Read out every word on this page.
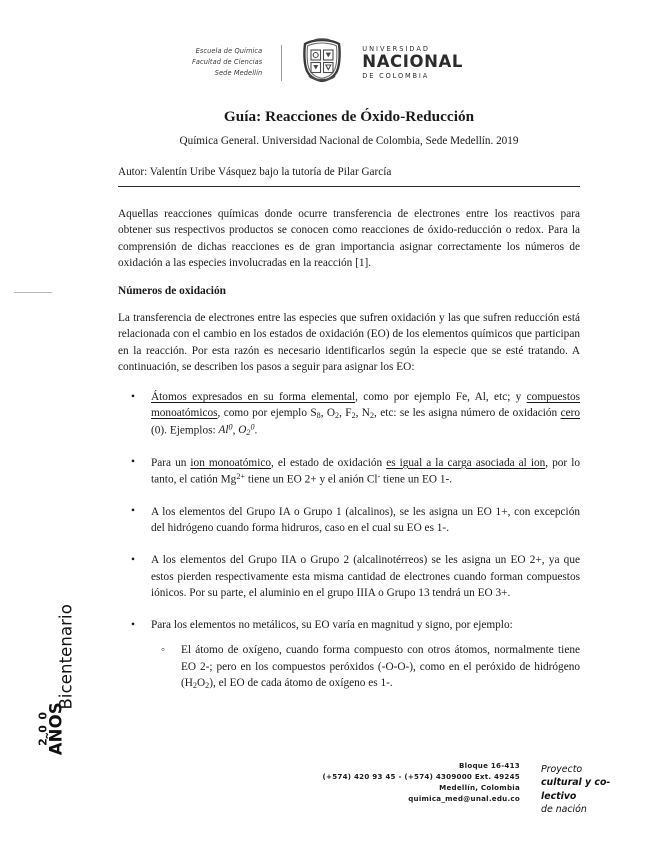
Escuela de Química
Facultad de Ciencias
Sede Medellín
UNIVERSIDAD
NACIONAL
DE COLOMBIA
Guía: Reacciones de Óxido-Reducción

Química General. Universidad Nacional de Colombia, Sede Medellín. 2019

Autor: Valentín Uribe Vásquez bajo la tutoría de Pilar García

Aquellas reacciones químicas donde ocurre transferencia de electrones entre los reactivos para obtener sus respectivos productos se conocen como reacciones de óxido-reducción o redox. Para la comprensión de dichas reacciones es de gran importancia asignar correctamente los números de oxidación a las especies involucradas en la reacción [1].

Números de oxidación

La transferencia de electrones entre las especies que sufren oxidación y las que sufren reducción está relacionada con el cambio en los estados de oxidación (EO) de los elementos químicos que participan en la reacción. Por esta razón es necesario identificarlos según la especie que se esté tratando. A continuación, se describen los pasos a seguir para asignar los EO:

• Átomos expresados en su forma elemental, como por ejemplo Fe, Al, etc; y compuestos monoatómicos, como por ejemplo $S_8$, $O_2$, $F_2$, $N_2$, etc: se les asigna número de oxidación cero (0). Ejemplos: Al$^0$, $O_2^0$.
• Para un ion monoatómico, el estado de oxidación es igual a la carga asociada al ion, por lo tanto, el catión $Mg^{2+}$ tiene un EO 2+ y el anión Cl- tiene un EO 1-.
• A los elementos del Grupo IA o Grupo 1 (alcalinos), se les asigna un EO 1+, con excepción del hidrógeno cuando forma hidruros, caso en el cual su EO es 1-.
• A los elementos del Grupo IIA o Grupo 2 (alcalinotérreos) se les asigna un EO 2+, ya que estos pierden respectivamente esta misma cantidad de electrones cuando forman compuestos iónicos. Por su parte, el aluminio en el grupo IIIA o Grupo 13 tendrá un EO 3+.
• Para los elementos no metálicos, su EO varía en magnitud y signo, por ejemplo:
◦ El átomo de oxígeno, cuando forma compuesto con otros átomos, normalmente tiene EO 2-; pero en los compuestos peróxidos (-O-O-), como en el peróxido de hidrógeno $(H_2O_2)$, el EO de cada átomo de oxígeno es 1-.
Bicentenario
200
AÑOS
Bloque 16-413
(+574) 420 93 45 - (+574) 4309000 Ext. 49245
Medellín, Colombia
quimica_med@unal.edu.co
Proyecto
cultural y co-
lectivo
de nación
